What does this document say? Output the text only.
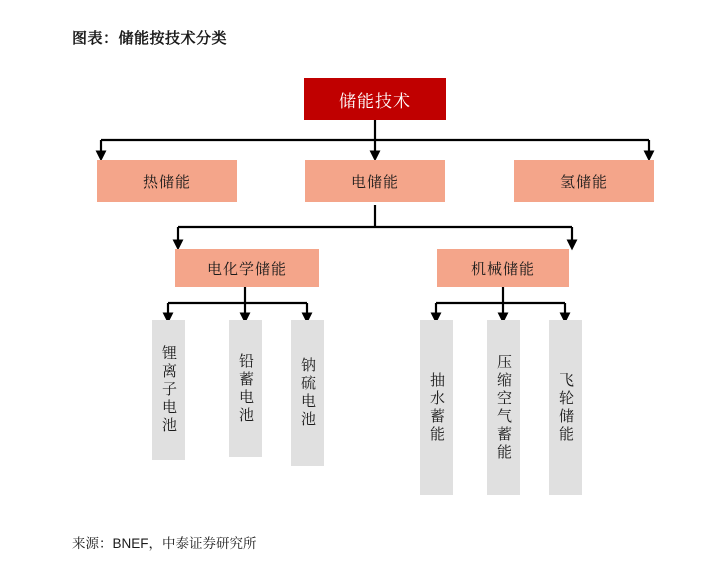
图表：储能按技术分类
储能技术
热储能	电储能	氢储能
电化学储能	机械储能
锂离子电池	铅蓄电池	钠硫电池	抽水蓄能	压缩空气蓄能	飞轮储能
来源：BNEF，中泰证券研究所
